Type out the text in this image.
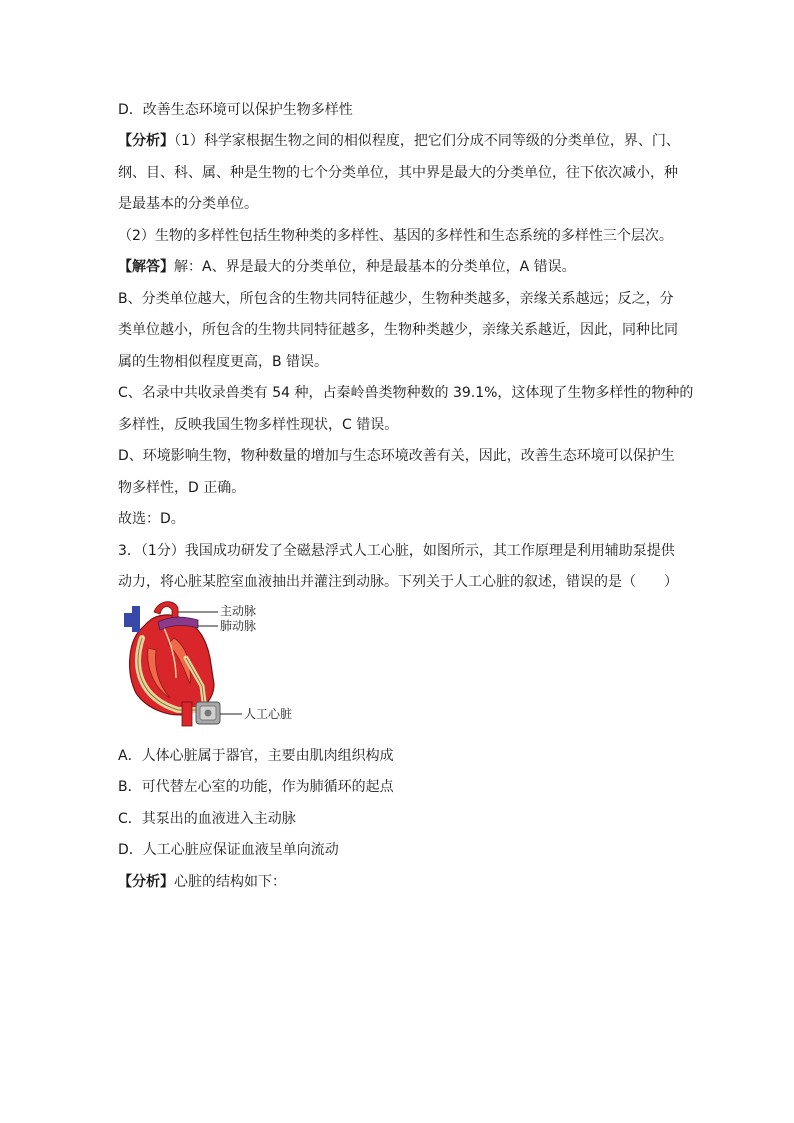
D．改善生态环境可以保护生物多样性
【分析】（1）科学家根据生物之间的相似程度，把它们分成不同等级的分类单位，界、门、
纲、目、科、属、种是生物的七个分类单位，其中界是最大的分类单位，往下依次减小，种
是最基本的分类单位。
（2）生物的多样性包括生物种类的多样性、基因的多样性和生态系统的多样性三个层次。
【解答】解：A、界是最大的分类单位，种是最基本的分类单位，A 错误。
B、分类单位越大，所包含的生物共同特征越少，生物种类越多，亲缘关系越远；反之，分
类单位越小，所包含的生物共同特征越多，生物种类越少，亲缘关系越近，因此，同种比同
属的生物相似程度更高，B 错误。
C、名录中共收录兽类有 54 种，占秦岭兽类物种数的 39.1%，这体现了生物多样性的物种的
多样性，反映我国生物多样性现状，C 错误。
D、环境影响生物，物种数量的增加与生态环境改善有关，因此，改善生态环境可以保护生
物多样性，D 正确。
故选：D。
3．（1分）我国成功研发了全磁悬浮式人工心脏，如图所示，其工作原理是利用辅助泵提供
动力，将心脏某腔室血液抽出并灌注到动脉。下列关于人工心脏的叙述，错误的是（　　）
主动脉
肺动脉
人工心脏
A．人体心脏属于器官，主要由肌肉组织构成
B．可代替左心室的功能，作为肺循环的起点
C．其泵出的血液进入主动脉
D．人工心脏应保证血液呈单向流动
【分析】心脏的结构如下：
